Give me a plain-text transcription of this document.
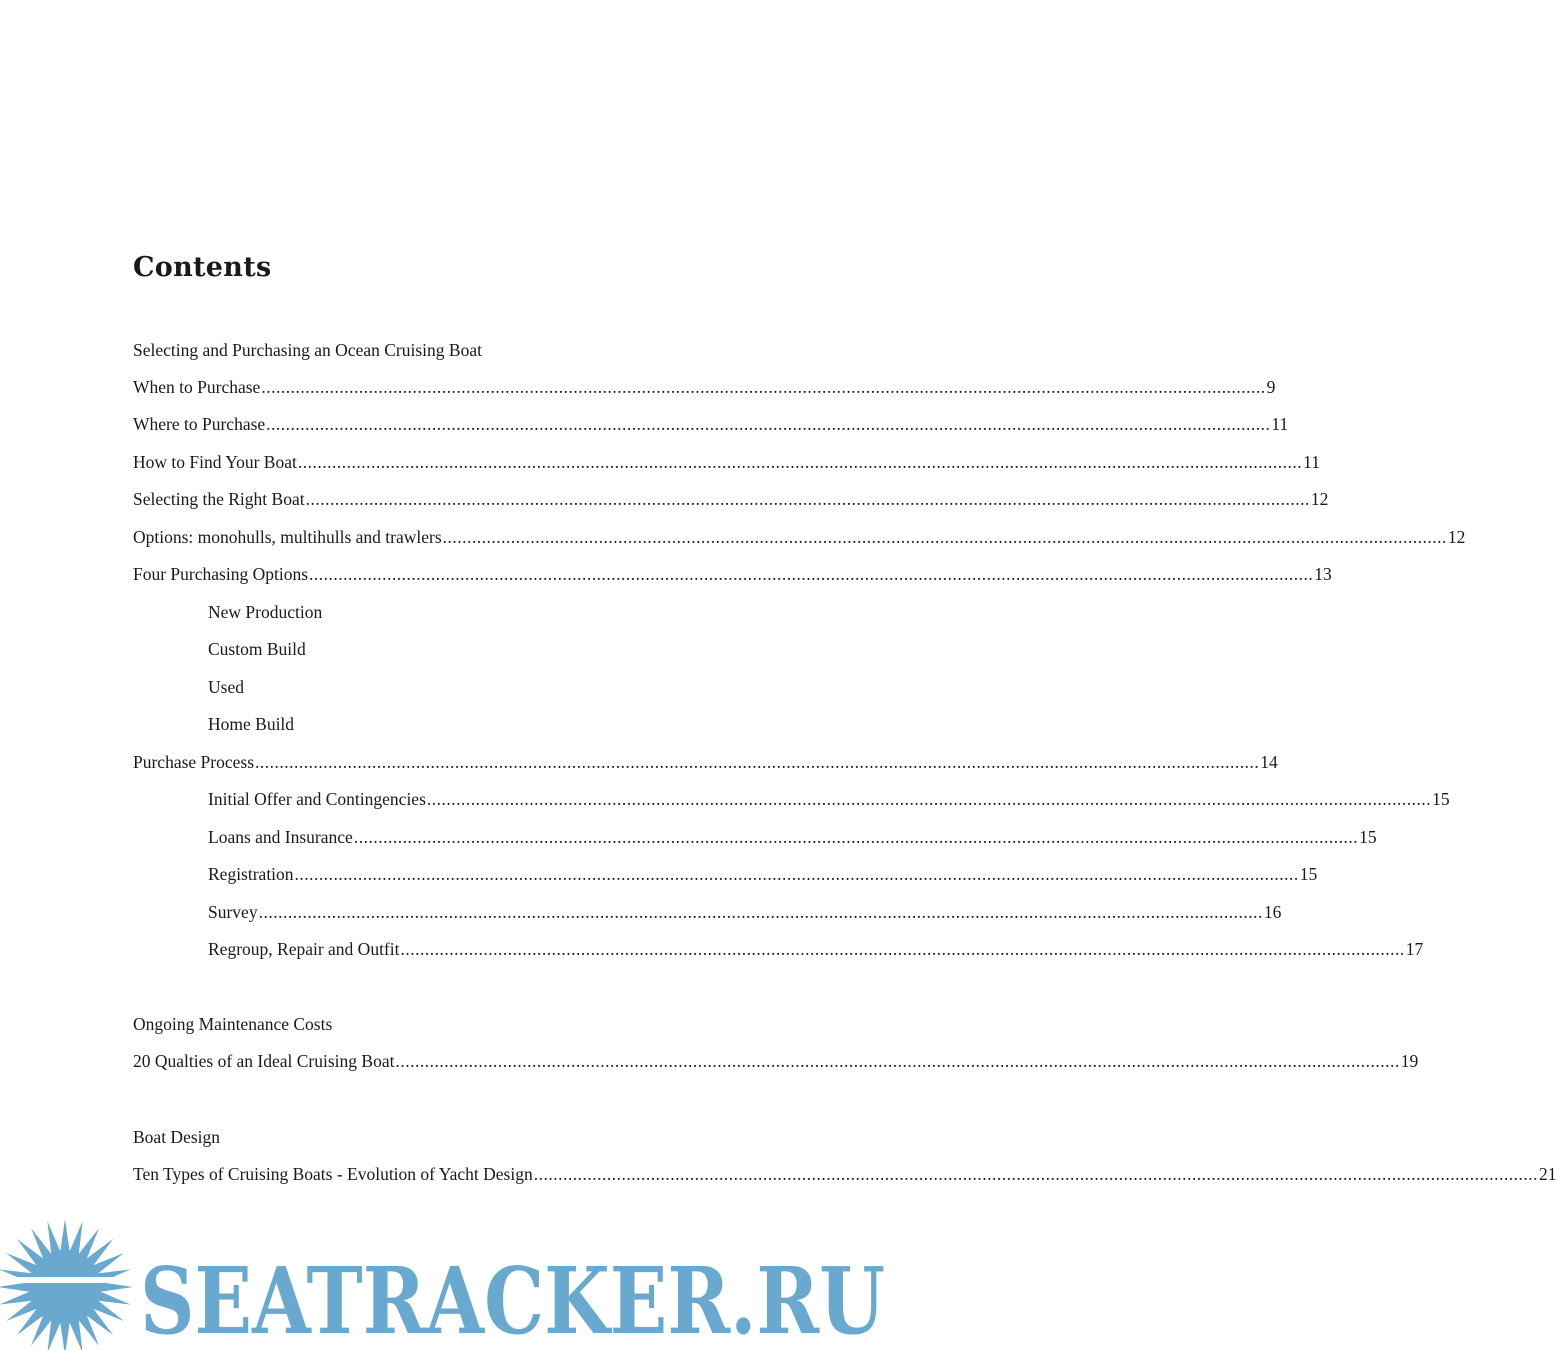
Contents
Selecting and Purchasing an Ocean Cruising Boat
When to Purchase .....	9
Where to Purchase .....	11
How to Find Your Boat .....	11
Selecting the Right Boat .....	12
Options: monohulls, multihulls and trawlers .....	12
Four Purchasing Options .....	13
New Production
Custom Build
Used
Home Build
Purchase Process .....	14
Initial Offer and Contingencies .....	15
Loans and Insurance .....	15
Registration .....	15
Survey .....	16
Regroup, Repair and Outfit .....	17
Ongoing Maintenance Costs
20 Qualties of an Ideal Cruising Boat .....	19
Boat Design
Ten Types of Cruising Boats - Evolution of Yacht Design .....	21
SEATRACKER.RU
